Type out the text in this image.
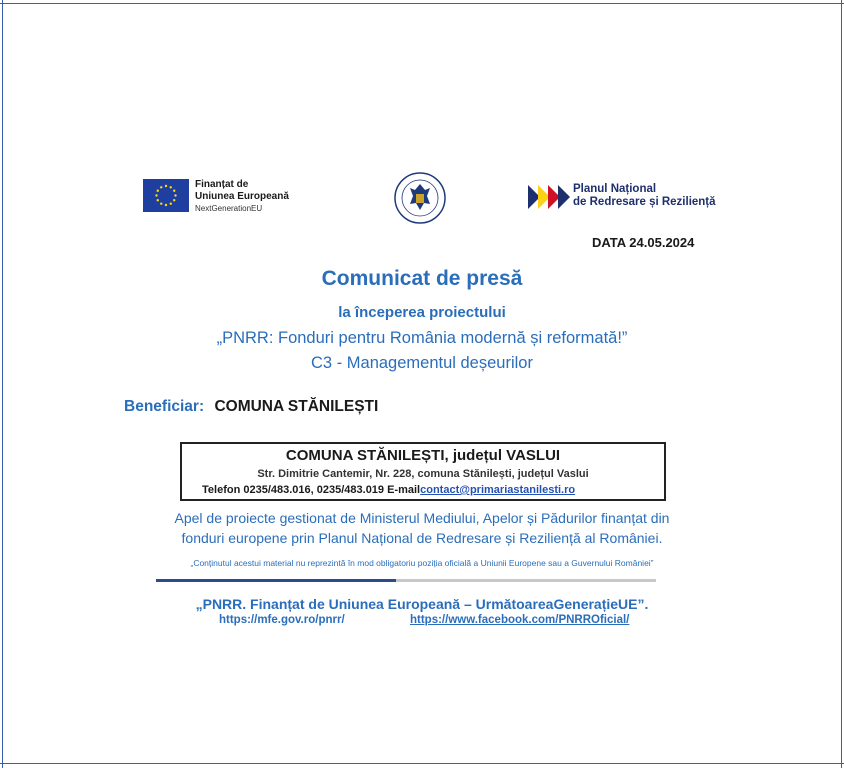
Finanțat de
Uniunea Europeană
NextGenerationEU
Planul Național
de Redresare și Reziliență
DATA 24.05.2024
Comunicat de presă
la începerea proiectului
„PNRR: Fonduri pentru România modernă și reformată!”
C3 - Managementul deșeurilor
Beneficiar: COMUNA STĂNILEȘTI
COMUNA STĂNILEȘTI, județul VASLUI
Str. Dimitrie Cantemir, Nr. 228, comuna Stănilești, județul Vaslui
Telefon 0235/483.016, 0235/483.019 E-mailcontact@primariastanilesti.ro
Apel de proiecte gestionat de Ministerul Mediului, Apelor și Pădurilor finanțat din
fonduri europene prin Planul Național de Redresare și Reziliență al României.
„Conținutul acestui material nu reprezintă în mod obligatoriu poziția oficială a Uniunii Europene sau a Guvernului României”
„PNRR. Finanțat de Uniunea Europeană – UrmătoareaGenerațieUE”.
https://mfe.gov.ro/pnrr/	https://www.facebook.com/PNRROficial/
